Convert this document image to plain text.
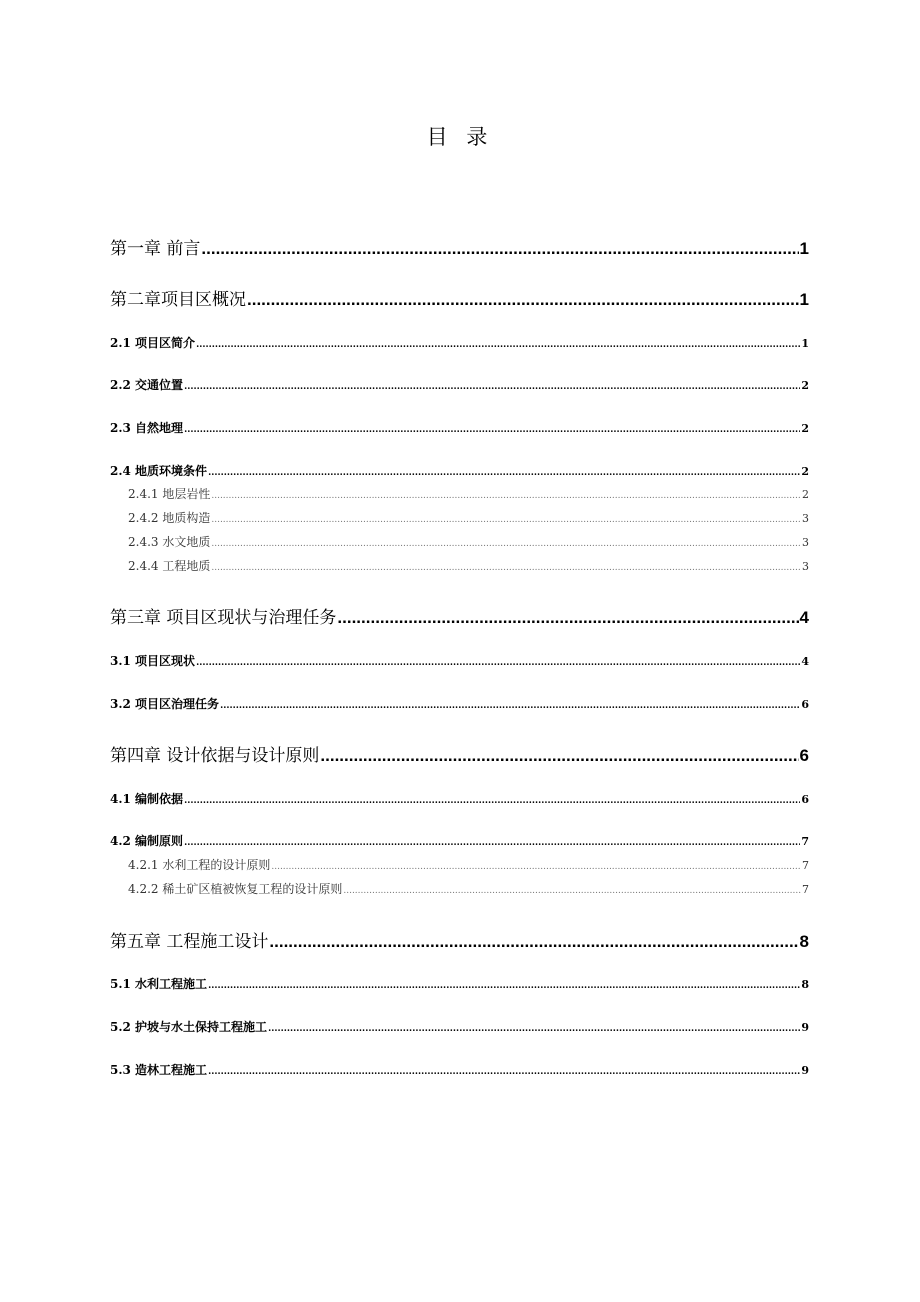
目 录
第一章 前言 .....	1
第二章项目区概况 .....	1
2.1 项目区简介 .....	1
2.2 交通位置 .....	2
2.3 自然地理 .....	2
2.4 地质环境条件 .....	2
2.4.1 地层岩性 .....	2
2.4.2 地质构造 .....	3
2.4.3 水文地质 .....	3
2.4.4 工程地质 .....	3
第三章 项目区现状与治理任务 .....	4
3.1 项目区现状 .....	4
3.2 项目区治理任务 .....	6
第四章 设计依据与设计原则 .....	6
4.1 编制依据 .....	6
4.2 编制原则 .....	7
4.2.1 水利工程的设计原则 .....	7
4.2.2 稀土矿区植被恢复工程的设计原则 .....	7
第五章 工程施工设计 .....	8
5.1 水利工程施工 .....	8
5.2 护坡与水土保持工程施工 .....	9
5.3 造林工程施工 .....	9
